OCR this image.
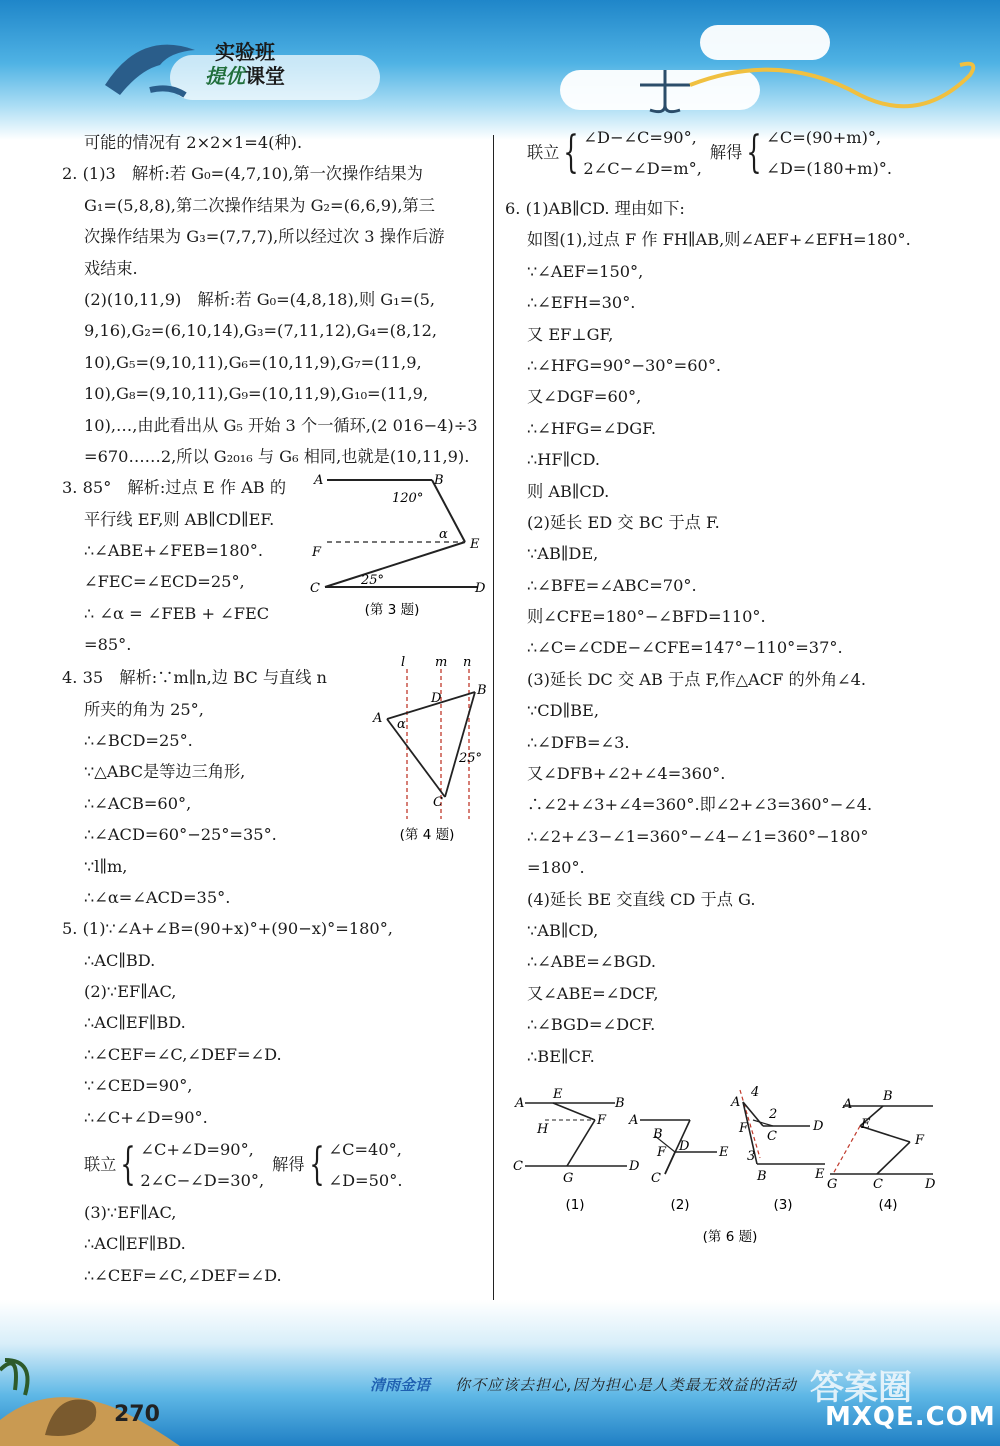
实验班
提优课堂
可能的情况有 2×2×1=4(种).
2. (1)3　解析:若 G₀=(4,7,10),第一次操作结果为
G₁=(5,8,8),第二次操作结果为 G₂=(6,6,9),第三
次操作结果为 G₃=(7,7,7),所以经过次 3 操作后游
戏结束.
(2)(10,11,9)　解析:若 G₀=(4,8,18),则 G₁=(5,
9,16),G₂=(6,10,14),G₃=(7,11,12),G₄=(8,12,
10),G₅=(9,10,11),G₆=(10,11,9),G₇=(11,9,
10),G₈=(9,10,11),G₉=(10,11,9),G₁₀=(11,9,
10),…,由此看出从 G₅ 开始 3 个一循环,(2 016−4)÷3
=670……2,所以 G₂₀₁₆ 与 G₆ 相同,也就是(10,11,9).
3. 85°　解析:过点 E 作 AB 的
平行线 EF,则 AB∥CD∥EF.
∴∠ABE+∠FEB=180°.
∠FEC=∠ECD=25°,
∴ ∠α = ∠FEB + ∠FEC
=85°.
A	B
E
F
C	D
120°
α
25°
(第 3 题)
4. 35　解析:∵m∥n,边 BC 与直线 n
所夹的角为 25°,
∴∠BCD=25°.
∵△ABC是等边三角形,
∴∠ACB=60°,
∴∠ACD=60°−25°=35°.
∵l∥m,
∴∠α=∠ACD=35°.
l m n
A
B
C
D
α
25°
(第 4 题)
5. (1)∵∠A+∠B=(90+x)°+(90−x)°=180°,
∴AC∥BD.
(2)∵EF∥AC,
∴AC∥EF∥BD.
∴∠CEF=∠C,∠DEF=∠D.
∵∠CED=90°,
∴∠C+∠D=90°.
联立 { ∠C+∠D=90°,
2∠C−∠D=30°,
解得 { ∠C=40°,
∠D=50°.
(3)∵EF∥AC,
∴AC∥EF∥BD.
∴∠CEF=∠C,∠DEF=∠D.
联立 { ∠D−∠C=90°,
2∠C−∠D=m°,
解得 { ∠C=(90+m)°,
∠D=(180+m)°.
6. (1)AB∥CD. 理由如下:
如图(1),过点 F 作 FH∥AB,则∠AEF+∠EFH=180°.
∵∠AEF=150°,
∴∠EFH=30°.
又 EF⊥GF,
∴∠HFG=90°−30°=60°.
又∠DGF=60°,
∴∠HFG=∠DGF.
∴HF∥CD.
则 AB∥CD.
(2)延长 ED 交 BC 于点 F.
∵AB∥DE,
∴∠BFE=∠ABC=70°.
则∠CFE=180°−∠BFD=110°.
∴∠C=∠CDE−∠CFE=147°−110°=37°.
(3)延长 DC 交 AB 于点 F,作△ACF 的外角∠4.
∵CD∥BE,
∴∠DFB=∠3.
又∠DFB+∠2+∠4=360°.
∴∠2+∠3+∠4=360°.即∠2+∠3=360°−∠4.
∴∠2+∠3−∠1=360°−∠4−∠1=360°−180°
=180°.
(4)延长 BE 交直线 CD 于点 G.
∵AB∥CD,
∴∠ABE=∠BGD.
又∠ABE=∠DCF,
∴∠BGD=∠DCF.
∴BE∥CF.
A
E
B
F
H
C
G
D
(1)
A
B
F D E
C
(2)
A
4
2
F
C
D
3
B	E
(3)
A
B
E
F
G	C	D
(4)
(第 6 题)
270
清雨金语 你不应该去担心,因为担心是人类最无效益的活动 答案圈
MXQE.COM
